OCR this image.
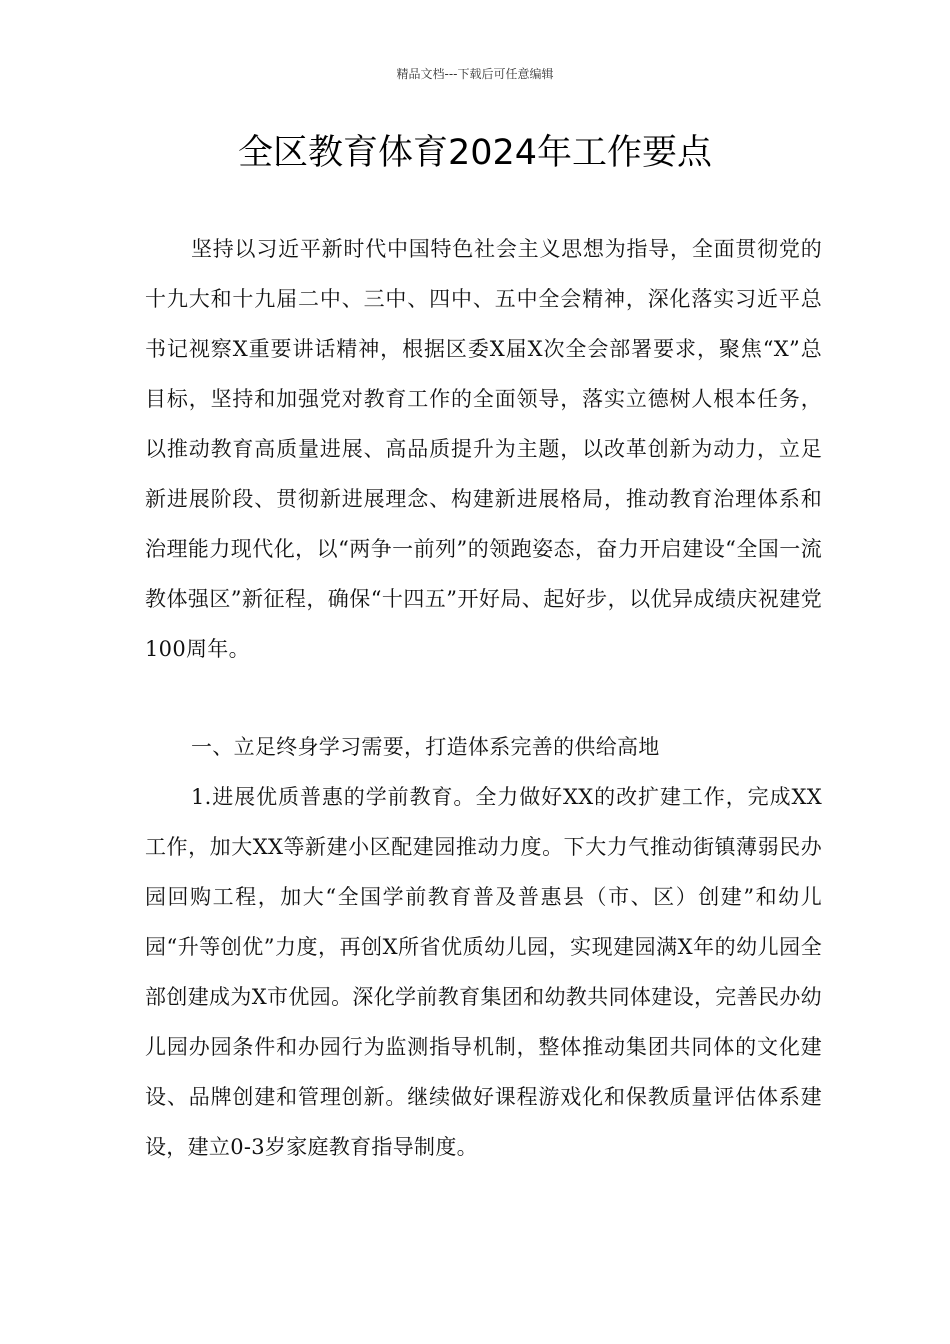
精品文档---下载后可任意编辑
全区教育体育2024年工作要点

坚持以习近平新时代中国特色社会主义思想为指导，全面贯彻党的十九大和十九届二中、三中、四中、五中全会精神，深化落实习近平总书记视察X重要讲话精神，根据区委X届X次全会部署要求，聚焦“X”总目标，坚持和加强党对教育工作的全面领导，落实立德树人根本任务，以推动教育高质量进展、高品质提升为主题，以改革创新为动力，立足新进展阶段、贯彻新进展理念、构建新进展格局，推动教育治理体系和治理能力现代化，以“两争一前列”的领跑姿态，奋力开启建设“全国一流教体强区”新征程，确保“十四五”开好局、起好步，以优异成绩庆祝建党100周年。

一、立足终身学习需要，打造体系完善的供给高地

1.进展优质普惠的学前教育。全力做好XX的改扩建工作，完成XX工作，加大XX等新建小区配建园推动力度。下大力气推动街镇薄弱民办园回购工程，加大“全国学前教育普及普惠县（市、区）创建”和幼儿园“升等创优”力度，再创X所省优质幼儿园，实现建园满X年的幼儿园全部创建成为X市优园。深化学前教育集团和幼教共同体建设，完善民办幼儿园办园条件和办园行为监测指导机制，整体推动集团共同体的文化建设、品牌创建和管理创新。继续做好课程游戏化和保教质量评估体系建设，建立0-3岁家庭教育指导制度。
